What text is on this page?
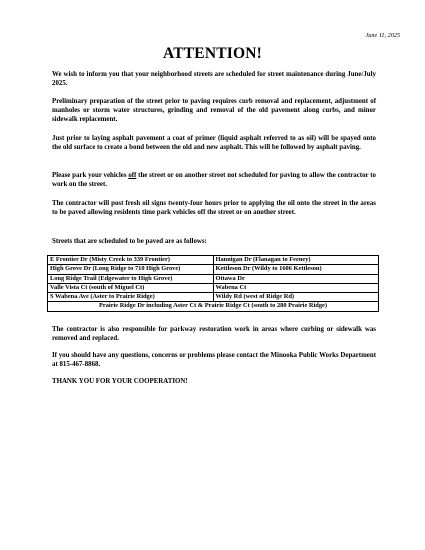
June 11, 2025
ATTENTION!

We wish to inform you that your neighborhood streets are scheduled for street maintenance during June/July 2025.

Preliminary preparation of the street prior to paving requires curb removal and replacement, adjustment of manholes or storm water structures, grinding and removal of the old pavement along curbs, and minor sidewalk replacement.

Just prior to laying asphalt pavement a coat of primer (liquid asphalt referred to as oil) will be spayed onto the old surface to create a bond between the old and new asphalt. This will be followed by asphalt paving.

Please park your vehicles off the street or on another street not scheduled for paving to allow the contractor to work on the street.

The contractor will post fresh oil signs twenty-four hours prior to applying the oil onto the street in the areas to be paved allowing residents time park vehicles off the street or on another street.

Streets that are scheduled to be paved are as follows:

E Frontier Dr (Misty Creek to 339 Frontier)	Hannigan Dr (Flanagan to Feeney)
High Grove Dr (Long Ridge to 710 High Grove)	Kettleson Dr (Wildy to 1606 Kettleson)
Long Ridge Trail (Edgewater to High Grove)	Ottawa Dr
Valle Vista Ct (south of Miguel Ct)	Wabena Ct
S Wabena Ave (Aster to Prairie Ridge)	Wildy Rd (west of Ridge Rd)
Prairie Ridge Dr including Aster Ct & Prairie Ridge Ct (south to 280 Prairie Ridge)	

The contractor is also responsible for parkway restoration work in areas where curbing or sidewalk was removed and replaced.

If you should have any questions, concerns or problems please contact the Minooka Public Works Department at 815-467-8868.

THANK YOU FOR YOUR COOPERATION!
